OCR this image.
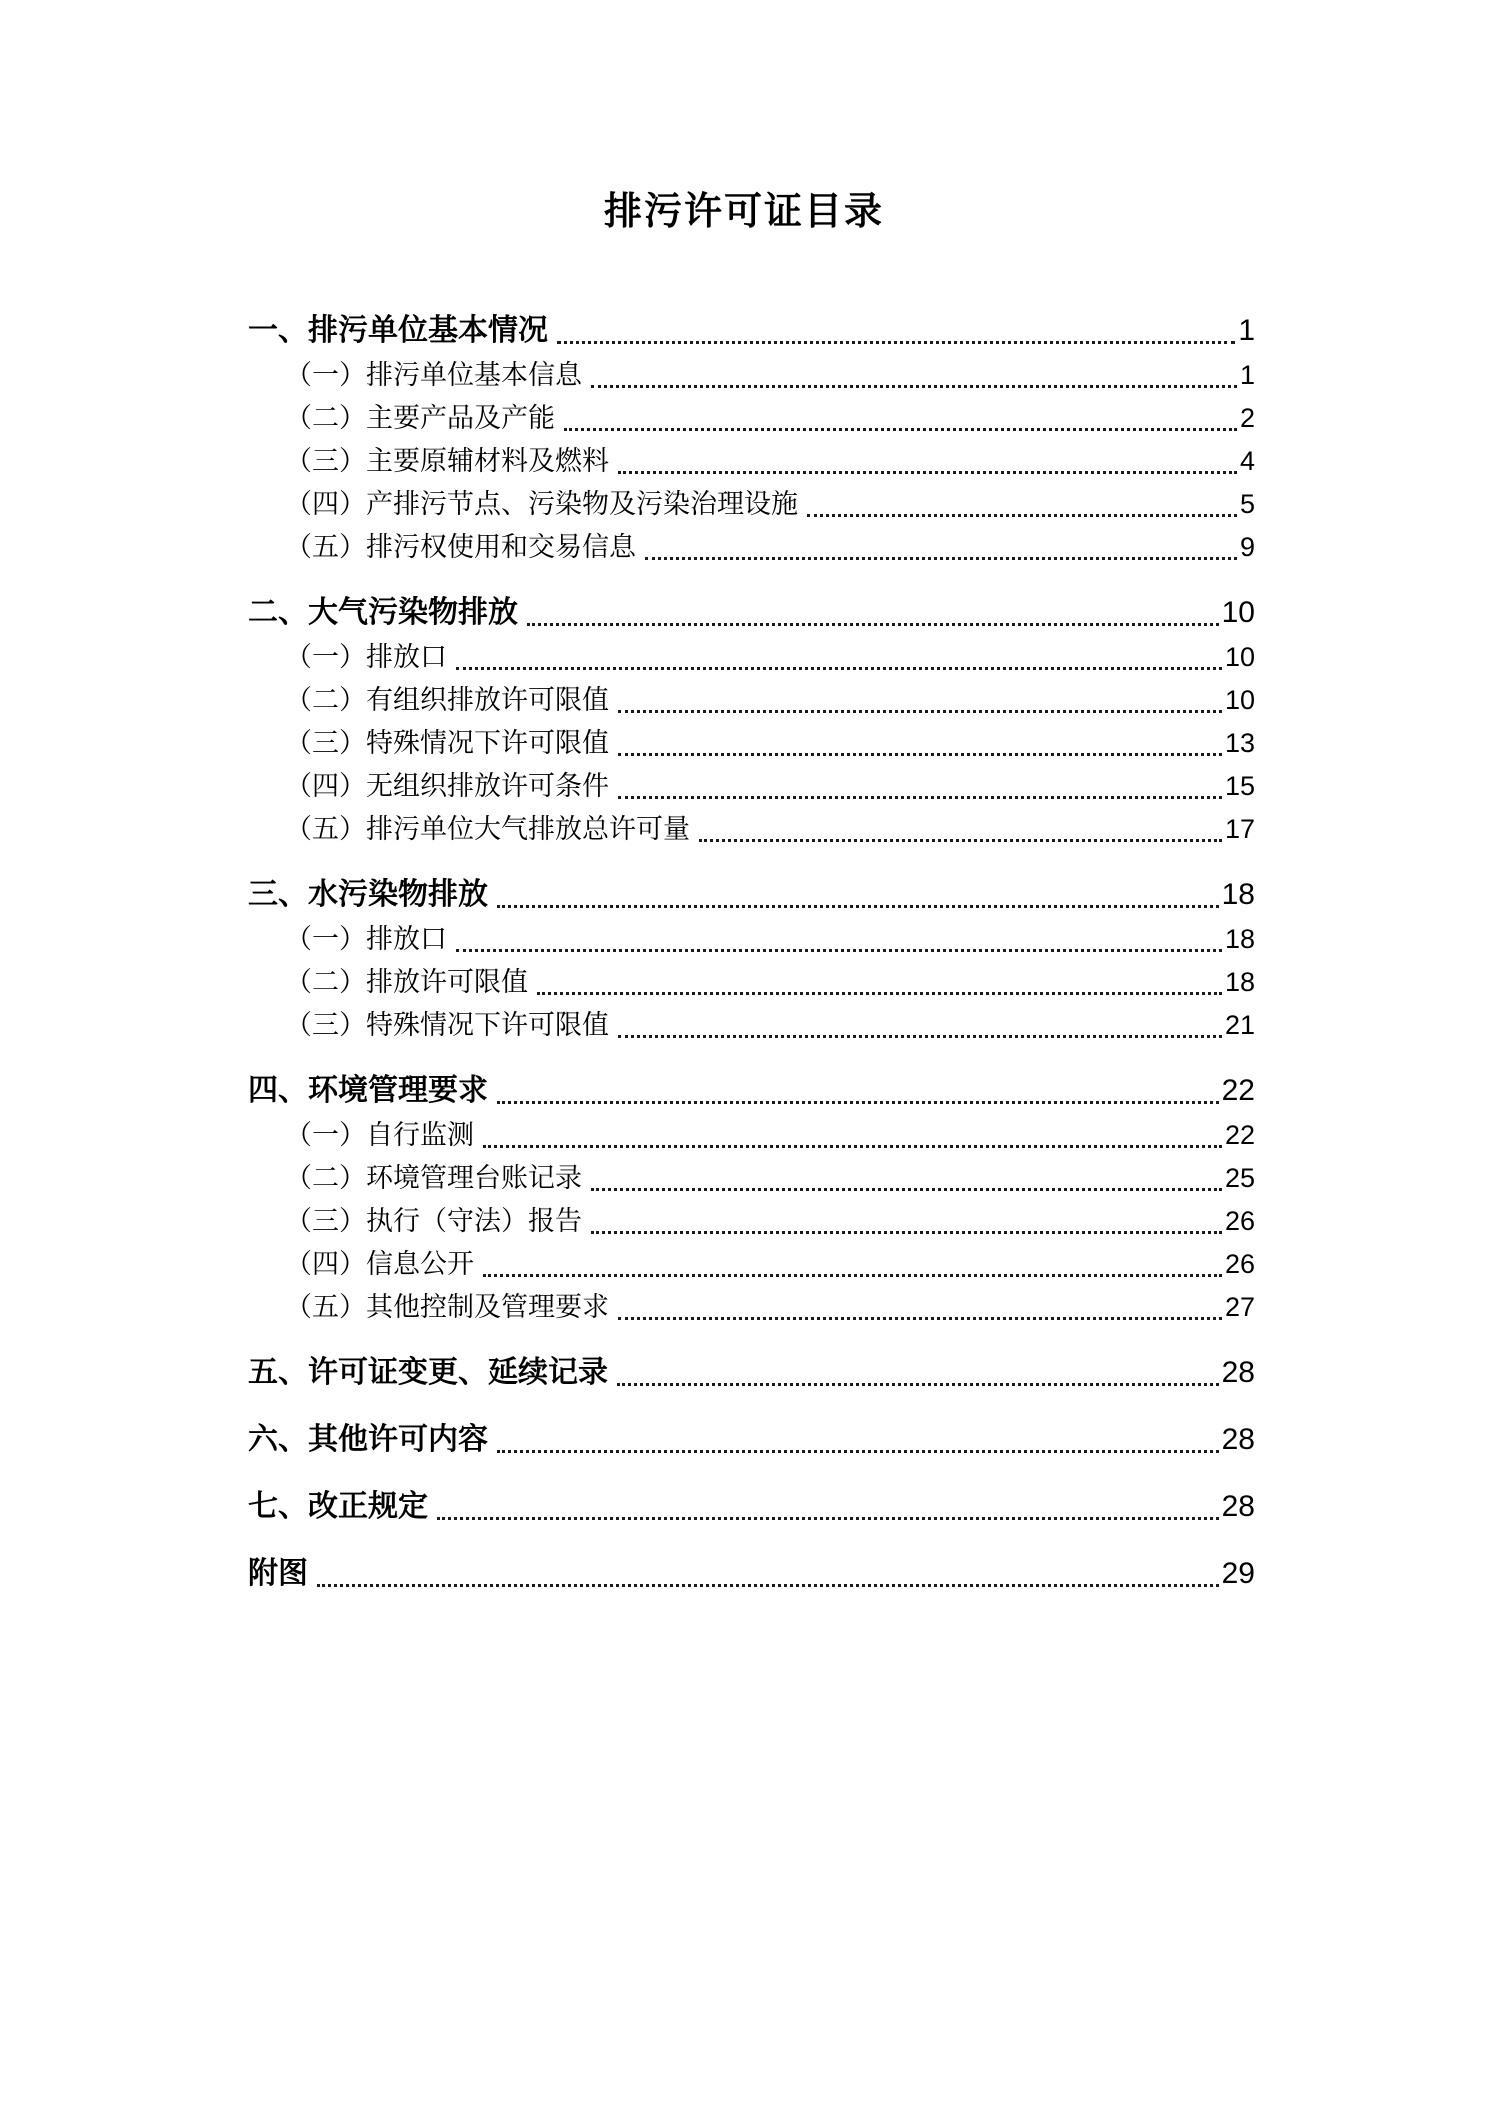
排污许可证目录
一、排污单位基本情况	1
（一）排污单位基本信息	1
（二）主要产品及产能	2
（三）主要原辅材料及燃料	4
（四）产排污节点、污染物及污染治理设施	5
（五）排污权使用和交易信息	9
二、大气污染物排放	10
（一）排放口	10
（二）有组织排放许可限值	10
（三）特殊情况下许可限值	13
（四）无组织排放许可条件	15
（五）排污单位大气排放总许可量	17
三、水污染物排放	18
（一）排放口	18
（二）排放许可限值	18
（三）特殊情况下许可限值	21
四、环境管理要求	22
（一）自行监测	22
（二）环境管理台账记录	25
（三）执行（守法）报告	26
（四）信息公开	26
（五）其他控制及管理要求	27
五、许可证变更、延续记录	28
六、其他许可内容	28
七、改正规定	28
附图	29
